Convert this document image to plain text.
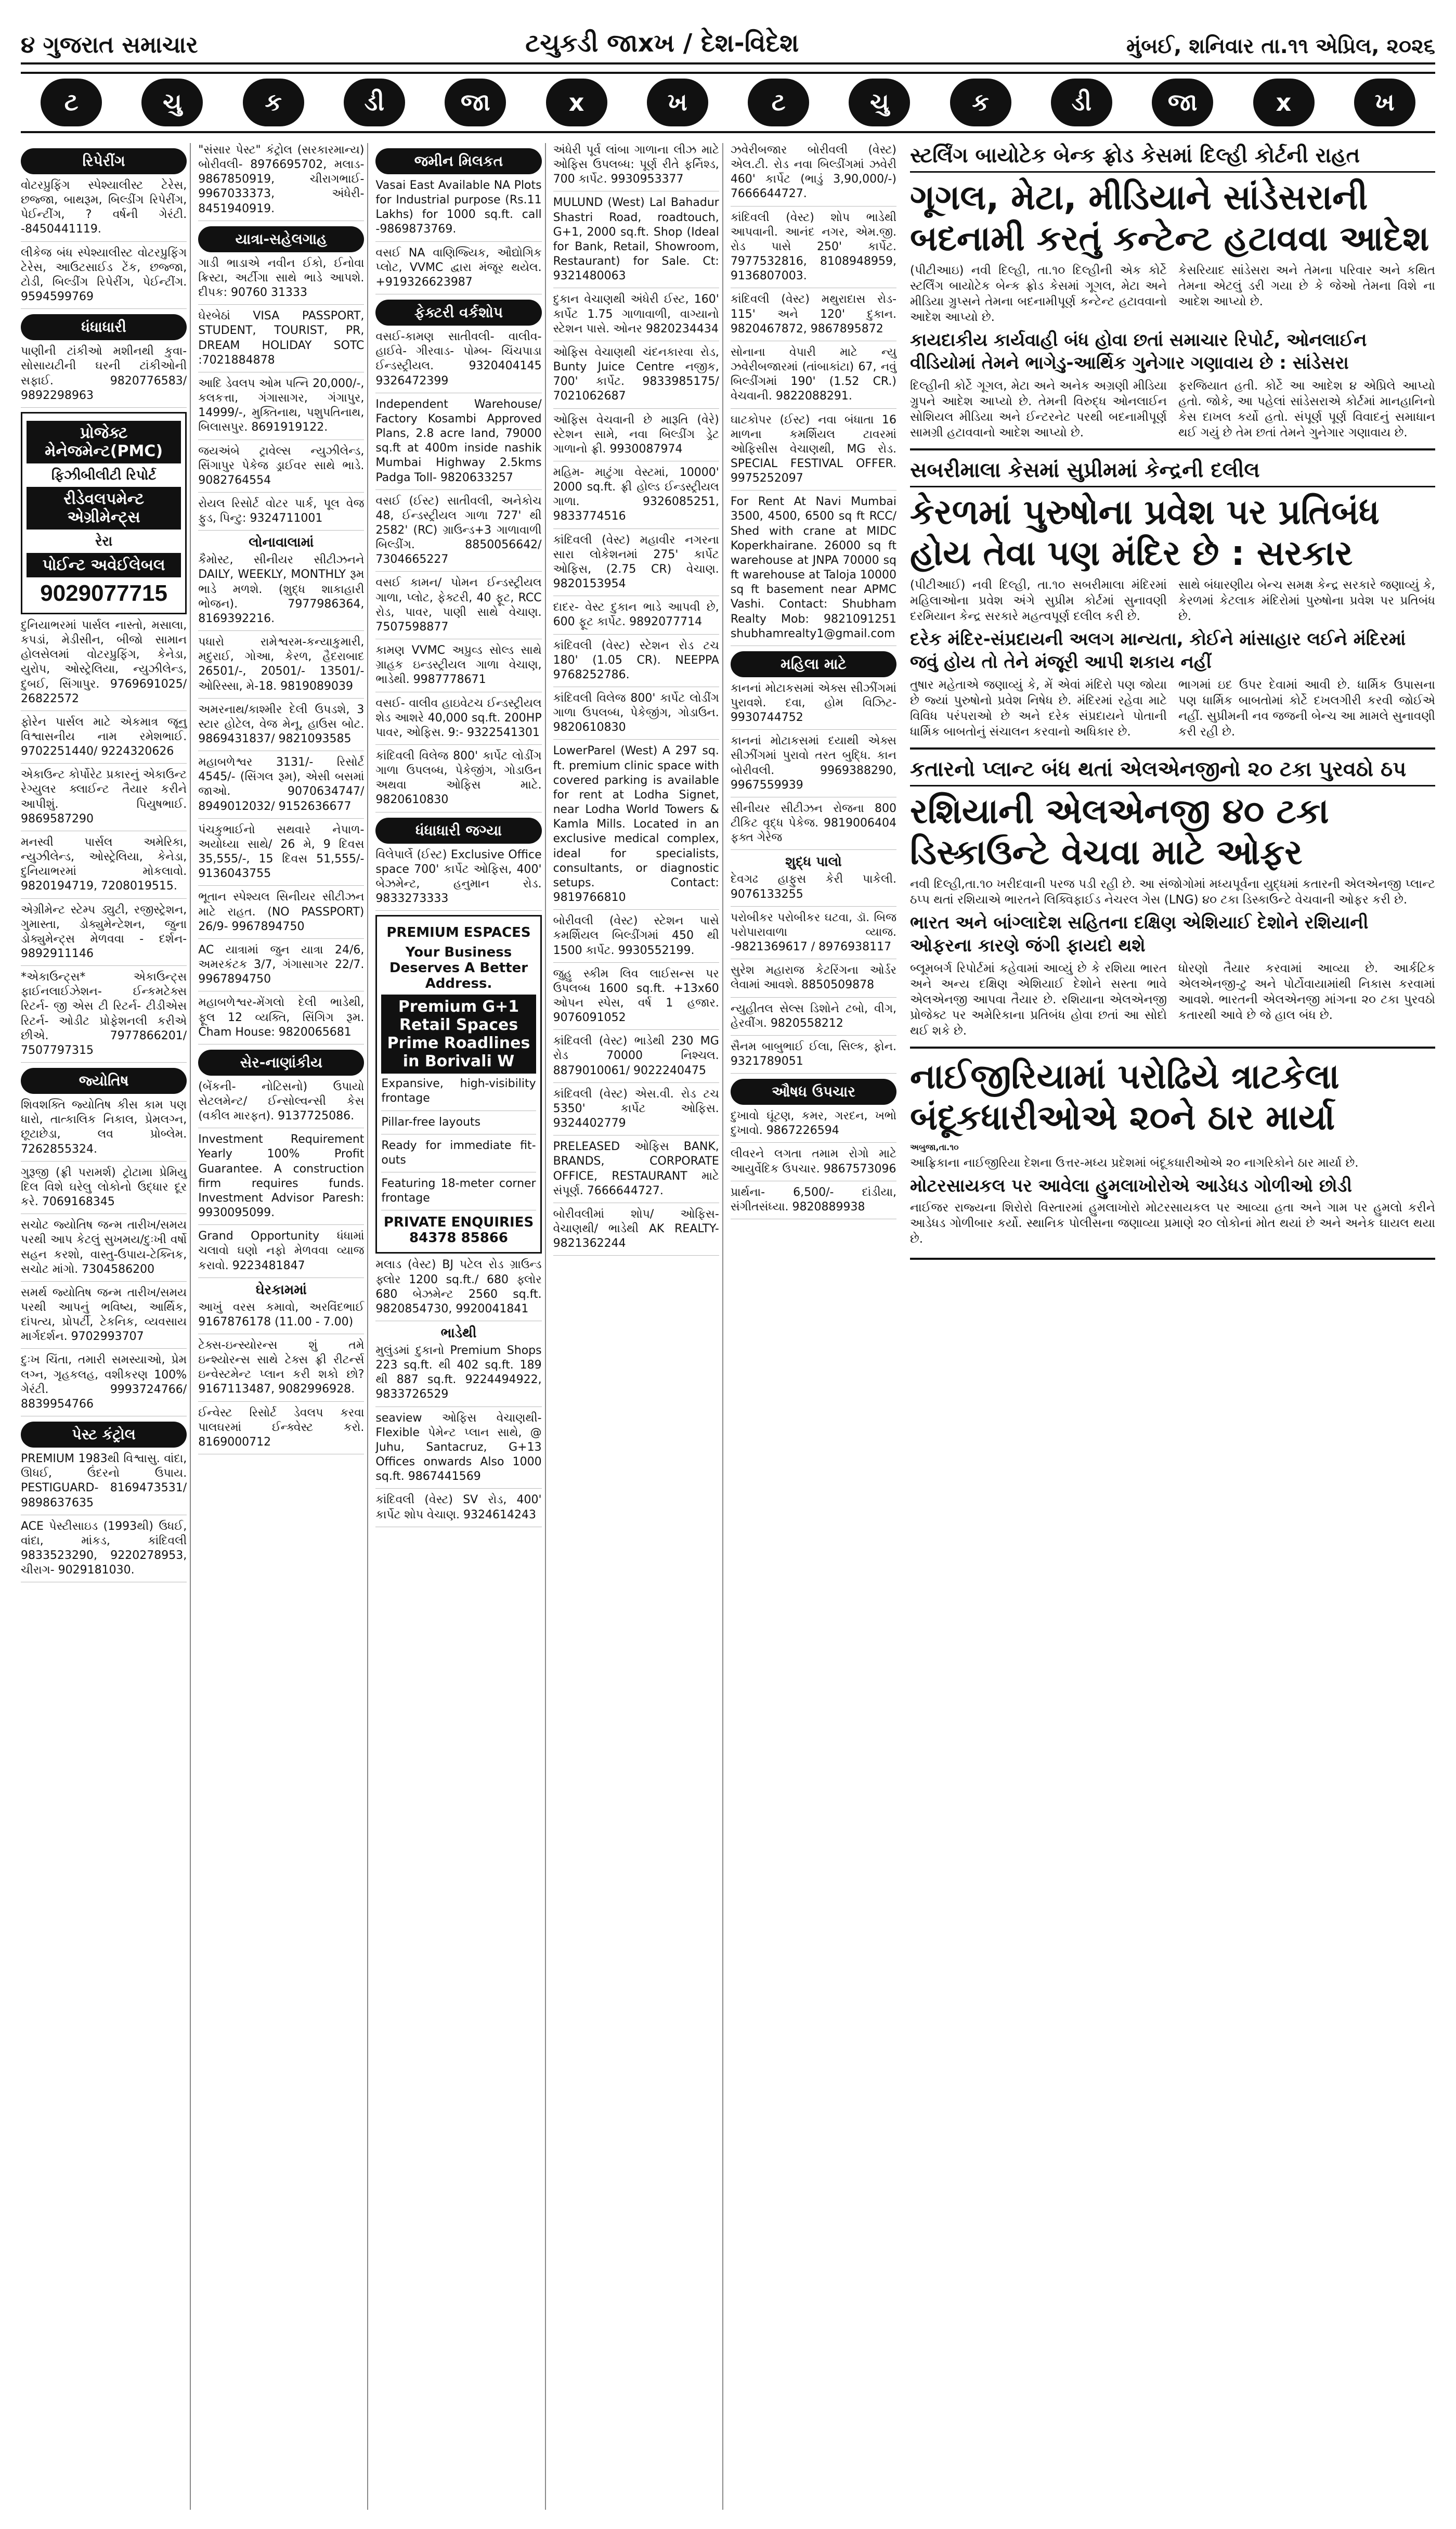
૪ ગુજરાત સમાચાર	ટચુકડી જાxખ / દેશ-વિદેશ	મુંબઈ, શનિવાર તા.૧૧ એપ્રિલ, ૨૦૨૬
ટ	ચુ	ક	ડી	જા	x	ખ	ટ	ચુ	ક	ડી	જા	x	ખ
રિપેરીંગ

વોટરપ્રુફિંગ સ્પેશ્યાલીસ્ટ ટેરેસ, છજ્જા, બાથરૂમ, બિલ્ડીંગ રિપેરીંગ, પેઈન્ટીંગ, ? વર્ષની ગેરંટી. -8450441119.

લીકેજ બંધ સ્પેશ્યાલીસ્ટ વોટરપ્રુફિંગ ટેરેસ, આઉટસાઈડ ટેંક, છજ્જા, ટોડી, બિલ્ડીંગ રિપેરીંગ, પેઈન્ટીંગ. 9594599769

ધંધાધારી

પાણીની ટાંકીઓ મશીનથી કુવા-સોસાયટીની ઘરની ટાંકીઓની સફાઈ. 9820776583/ 9892298963

પ્રોજેક્ટ મેનેજમેન્ટ(PMC)
ફિઝીબીલીટી રિપોર્ટ
રીડેવલપમેન્ટ એગ્રીમેન્ટ્સ
રેરા
પોઈન્ટ અવેઈલેબલ
9029077715

દુનિયાભરમાં પાર્સલ નાસ્તો, મસાલા, કપડાં, મેડીસીન, બીજો સામાન હોલસેલમાં વોટરપ્રુફિંગ, કેનેડા, યુરોપ, ઓસ્ટ્રેલિયા, ન્યુઝીલેન્ડ, દુબઈ, સિંગાપુર. 9769691025/ 26822572

ફોરેન પાર્સલ માટે એકમાત્ર જૂનુ વિશ્વાસનીય નામ રમેશભાઈ. 9702251440/ 9224320626

એકાઉન્ટ કોર્પોરેટ પ્રકારનું એકાઉન્ટ રેગ્યુલર ક્લાઈન્ટ તૈયાર કરીને આપીશું. પિયુષભાઈ. 9869587290

મનસ્વી પાર્સલ અમેરિકા, ન્યુઝીલેન્ડ, ઓસ્ટ્રેલિયા, કેનેડા, દુનિયાભરમાં મોકલાવો. 9820194719, 7208019515.

એગ્રીમેન્ટ સ્ટેમ્પ ડ્યુટી, રજીસ્ટ્રેશન, ગુમાસ્તા, ડોક્યુમેન્ટેશન, જુના ડોક્યુમેન્ટ્સ મેળવવા - દર્શન- 9892911146

*એકાઉન્ટ્સ* એકાઉન્ટ્સ ફાઈનલાઈઝેશન- ઈન્કમટેક્સ રિટર્ન- જી એસ ટી રિટર્ન- ટીડીએસ રિટર્ન- ઓડીટ પ્રોફેશનલી કરીએ છીએ. 7977866201/ 7507797315

જ્યોતિષ

શિવશક્તિ જ્યોતિષ કીસ કામ પણ ધારો, તાત્કાલિક નિકાલ, પ્રેમલગ્ન, છૂટાછેડા, લવ પ્રોબ્લેમ. 7262855324.

ગુરૂજી (ફ્રી પરામર્શ) ટ્રોટામા પ્રેમિયુ દિલ વિશે ઘરેલુ લોકોનો ઉદ્ધાર દૂર કરે. 7069168345

સચોટ જ્યોતિષ જન્મ તારીખ/સમય પરથી આપ કેટલું સુખમય/દુઃખી વર્ષો સહન કરશો, વાસ્તુ-ઉપાય-ટેક્નિક, સચોટ માંગો. 7304586200

સમર્થ જ્યોતિષ જન્મ તારીખ/સમય પરથી આપનું ભવિષ્ય, આર્થિક, દાંપત્ય, પ્રોપર્ટી, ટેકનિક, વ્યવસાય માર્ગદર્શન. 9702993707

દુઃખ ચિંતા, તમારી સમસ્યાઓ, પ્રેમ લગ્ન, ગૃહકલહ, વશીકરણ 100% ગેરંટી. 9993724766/ 8839954766

પેસ્ટ કંટ્રોલ

PREMIUM 1983થી વિશ્વાસુ. વાંદા, ઊધઈ, ઉંદરનો ઉપાય. PESTIGUARD- 8169473531/ 9898637635

ACE પેસ્ટીસાઇડ (1993થી) ઉધઈ, વાંદા, માંકડ, કાંદિવલી 9833523290, 9220278953, ચીરાગ- 9029181030.

"સંસાર પેસ્ટ" કંટ્રોલ (સરકારમાન્ય) બોરીવલી- 8976695702, મલાડ- 9867850919, ચીરાગભાઈ- 9967033373, અંધેરી- 8451940919.

યાત્રા-સહેલગાહ

ગાડી ભાડાએ નવીન ઈકો, ઈનોવા ક્રિસ્ટા, અર્ટીગા સાથે ભાડે આપશે. દીપક: 90760 31333

ઘેરબેઠાં VISA PASSPORT, STUDENT, TOURIST, PR, DREAM HOLIDAY SOTC :7021884878

આદિ ડેવલપ ઓમ પત્નિ 20,000/-, કલકત્તા, ગંગાસાગર, ગંગાપુર, 14999/-, મુક્તિનાથ, પશુપતિનાથ, બિલાસપુર. 8691919122.

જયઅંબે ટ્રાવેલ્સ ન્યુઝીલેન્ડ, સિંગાપુર પેકેજ ડ્રાઈવર સાથે ભાડે. 9082764554

રોયલ રિસોર્ટ વોટર પાર્ક, પૂલ વેજ ફુડ, પિન્ટુ: 9324711001

લોનાવાલામાં

કૈમોસ્ટ, સીનીયર સીટીઝનને DAILY, WEEKLY, MONTHLY રૂમ ભાડે મળશે. (શુદ્ધ શાકાહારી ભોજન). 7977986364, 8169392216.

પધારો રામેશ્વરમ-કન્યાકુમારી, મદુરાઈ, ગોઆ, કેરળ, હૈદરાબાદ 26501/-, 20501/- 13501/- ઓરિસ્સા, મે-18. 9819089039

અમરનાથ/કાશ્મીર દેલી ઉપડશે, 3 સ્ટાર હોટેલ, વેજ મેનૂ, હાઉસ બોટ. 9869431837/ 9821093585

મહાબળેશ્વર 3131/- રિસોર્ટ 4545/- (સિંગલ રૂમ), એસી બસમાં જાઓ. 9070634747/ 8949012032/ 9152636677

પંચકુભાઈનો સથવારે નેપાળ-અયોધ્યા સાથે/ 26 મે, 9 દિવસ 35,555/-, 15 દિવસ 51,555/- 9136043755

ભૂતાન સ્પેશ્યલ સિનીયર સીટીઝન માટે રાહત. (NO PASSPORT) 26/9- 9967894750

AC યાત્રામાં જુન યાત્રા 24/6, અમરકંટક 3/7, ગંગાસાગર 22/7. 9967894750

મહાબળેશ્વર-મેંગલો દેલી ભાડેથી, ફૂલ 12 વ્યક્તિ, સિંગિગ રૂમ. Cham House: 9820065681

સેર-નાણાંકીય

(બેંકની- નોટિસનો) ઉપાયો સેટલમેન્ટ/ ઈન્સોલ્વન્સી કેસ (વકીલ મારફત). 9137725086.

Investment Requirement Yearly 100% Profit Guarantee. A construction firm requires funds. Investment Advisor Paresh: 9930095099.

Grand Opportunity ધંધામાં ચલાવો ઘણો નફો મેળવવા વ્યાજ કરાવો. 9223481847

ઘેરકામમાં

આખું વરસ કમાવો, અરવિંદભાઈ 9167876178 (11.00 - 7.00)

ટેક્સ-ઇન્સ્યોરન્સ શું તમે ઇન્શ્યોરન્સ સાથે ટેક્સ ફ્રી રીટર્ન્સ ઇન્વેસ્ટમેન્ટ પ્લાન કરી શકો છો? 9167113487, 9082996928.

ઈન્વેસ્ટ રિસોર્ટ ડેવલપ કરવા પાલઘરમાં ઈન્ક્વેસ્ટ કરો. 8169000712

જમીન મિલકત

Vasai East Available NA Plots for Industrial purpose (Rs.11 Lakhs) for 1000 sq.ft. call -9869873769.

વસઈ NA વાણિજ્યિક, ઔદ્યોગિક પ્લોટ, VVMC દ્વારા મંજૂર થયેલ. +919326623987

ફેક્ટરી વર્કશોપ

વસઈ-કામણ સાતીવલી- વાલીવ- હાઈવે- ગીરવાડ- પોમ્બ- ચિંચપાડા ઈન્ડસ્ટ્રીયલ. 9320404145 9326472399

Independent Warehouse/ Factory Kosambi Approved Plans, 2.8 acre land, 79000 sq.ft at 400m inside nashik Mumbai Highway 2.5kms Padga Toll- 9820633257

વસઈ (ઈસ્ટ) સાતીવલી, અનેકોચ 48, ઈન્ડસ્ટ્રીયલ ગાળા 727' થી 2582' (RC) ગ્રાઉન્ડ+3 ગાળાવાળી બિલ્ડીંગ. 8850056642/ 7304665227

વસઈ કામન/ પોમન ઈન્ડસ્ટ્રીયલ ગાળા, પ્લોટ, ફેક્ટરી, 40 ફૂટ, RCC રોડ, પાવર, પાણી સાથે વેચાણ. 7507598877

કામણ VVMC અપ્રુવ્ડ સોલ્ડ સાથે ગ્રાહક ઇન્ડસ્ટ્રીયલ ગાળા વેચાણ, ભાડેથી. 9987778671

વસઈ- વાલીવ હાઇવેટચ ઈન્ડસ્ટ્રીયલ શેડ આશરે 40,000 sq.ft. 200HP પાવર, ઓફિસ. 9:- 9322541301

કાંદિવલી વિલેજ 800' કાર્પેટ લોડીંગ ગાળા ઉપલબ્ધ, પેકેજીંગ, ગોડાઉન અથવા ઓફિસ માટે. 9820610830

ધંધાધારી જગ્યા

વિલેપાર્લે (ઈસ્ટ) Exclusive Office space 700' કાર્પેટ ઓફિસ, 400' બેઝમેન્ટ, હનુમાન રોડ. 9833273333

PREMIUM ESPACES
Your Business Deserves A Better Address.
Premium G+1 Retail Spaces Prime Roadlines in Borivali W
Expansive, high-visibility frontage
Pillar-free layouts
Ready for immediate fit-outs
Featuring 18-meter corner frontage
PRIVATE ENQUIRIES 84378 85866

મલાડ (વેસ્ટ) BJ પટેલ રોડ ગ્રાઉન્ડ ફ્લોર 1200 sq.ft./ 680 ફ્લોર 680 બેઝમેન્ટ 2560 sq.ft. 9820854730, 9920041841

ભાડેથી

મુલુંડમાં દુકાનો Premium Shops 223 sq.ft. થી 402 sq.ft. 189 થી 887 sq.ft. 9224494922, 9833726529

seaview ઓફિસ વેચાણથી- Flexible પેમેન્ટ પ્લાન સાથે, @ Juhu, Santacruz, G+13 Offices onwards Also 1000 sq.ft. 9867441569

કાંદિવલી (વેસ્ટ) SV રોડ, 400' કાર્પેટ શોપ વેચાણ. 9324614243

અંધેરી પૂર્વ લાંબા ગાળાના લીઝ માટે ઓફિસ ઉપલબ્ધ: પૂર્ણ રીતે ફર્નિશ્ડ, 700 કાર્પેટ. 9930953377

MULUND (West) Lal Bahadur Shastri Road, roadtouch, G+1, 2000 sq.ft. Shop (Ideal for Bank, Retail, Showroom, Restaurant) for Sale. Ct: 9321480063

દુકાન વેચાણથી અંધેરી ઈસ્ટ, 160' કાર્પેટ 1.75 ગાળાવાળી, વાગ્યાનો સ્ટેશન પાસે. ઓનર 9820234434

ઓફિસ વેચાણથી ચંદનકારવા રોડ, Bunty Juice Centre નજીક, 700' કાર્પેટ. 9833985175/ 7021062687

ઓફિસ વેચવાની છે મારૂતિ (વેરે) સ્ટેશન સામે, નવા બિલ્ડીંગ ડ્રેટ ગાળાનો ફ્રી. 9930087974

મહિમ- માટુંગા વેસ્ટમાં, 10000' 2000 sq.ft. ફ્રી હોલ્ડ ઈન્ડસ્ટ્રીયલ ગાળા. 9326085251, 9833774516

કાંદિવલી (વેસ્ટ) મહાવીર નગરના સારા લોકેશનમાં 275' કાર્પેટ ઓફિસ, (2.75 CR) વેચાણ. 9820153954

દાદર- વેસ્ટ દુકાન ભાડે આપવી છે, 600 ફૂટ કાર્પેટ. 9892077714

કાંદિવલી (વેસ્ટ) સ્ટેશન રોડ ટચ 180' (1.05 CR). NEEPPA 9768252786.

કાંદિવલી વિલેજ 800' કાર્પેટ લોડીંગ ગાળા ઉપલબ્ધ, પેકેજીંગ, ગોડાઉન. 9820610830

LowerParel (West) A 297 sq. ft. premium clinic space with covered parking is available for rent at Lodha Signet, near Lodha World Towers & Kamla Mills. Located in an exclusive medical complex, ideal for specialists, consultants, or diagnostic setups. Contact: 9819766810

બોરીવલી (વેસ્ટ) સ્ટેશન પાસે કમર્શિયલ બિલ્ડીંગમાં 450 થી 1500 કાર્પેટ. 9930552199.

જુહુ સ્કીમ લિવ લાઈસન્સ પર ઉપલબ્ધ 1600 sq.ft. +13x60 ઓપન સ્પેસ, વર્ષ 1 હજાર. 9076091052

કાંદિવલી (વેસ્ટ) ભાડેથી 230 MG રોડ 70000 નિશ્ચલ. 8879010061/ 9022240475

કાંદિવલી (વેસ્ટ) એસ.વી. રોડ ટચ 5350' કાર્પેટ ઓફિસ. 9324402779

PRELEASED ઓફિસ BANK, BRANDS, CORPORATE OFFICE, RESTAURANT માટે સંપૂર્ણ. 7666644727.

બોરીવલીમાં શોપ/ ઓફિસ- વેચાણથી/ ભાડેથી AK REALTY- 9821362244

ઝવેરીબજાર બોરીવલી (વેસ્ટ) એલ.ટી. રોડ નવા બિલ્ડીંગમાં ઝવેરી 460' કાર્પેટ (ભાડું 3,90,000/-) 7666644727.

કાંદિવલી (વેસ્ટ) શોપ ભાડેથી આપવાની. આનંદ નગર, એમ.જી. રોડ પાસે 250' કાર્પેટ. 7977532816, 8108948959, 9136807003.

કાંદિવલી (વેસ્ટ) મથુરાદાસ રોડ- 115' અને 120' દુકાન. 9820467872, 9867895872

સોનાના વેપારી માટે ન્યુ ઝવેરીબજારમાં (તાંબાકાંટા) 67, નવું બિલ્ડીંગમાં 190' (1.52 CR.) વેચવાની. 9822088291.

ઘાટકોપર (ઈસ્ટ) નવા બંધાતા 16 માળના કમર્શિયલ ટાવરમાં ઓફિસીસ વેચાણથી, MG રોડ. SPECIAL FESTIVAL OFFER. 9975252097

For Rent At Navi Mumbai 3500, 4500, 6500 sq ft RCC/ Shed with crane at MIDC Koperkhairane. 26000 sq ft warehouse at JNPA 70000 sq ft warehouse at Taloja 10000 sq ft basement near APMC Vashi. Contact: Shubham Realty Mob: 9821091251 shubhamrealty1@gmail.com

મહિલા માટે

કાનનાં મોટાકસમાં એક્સ સીઝીંગમાં પુરાવશે. દવા, હોમ વિઝિટ- 9930744752

કાનનાં મોટાકસમાં દયાથી એક્સ સીઝીંગમાં પુરાવો તરત બુદ્ધિ. કાન બોરીવલી. 9969388290, 9967559939

સીનીયર સીટીઝન રોજના 800 ટીકિટ વૃદ્ધ પેકેજ. 9819006404 ફક્ત ગેરેજ

શુદ્ધ પાલો

દેવગઢ હાફુસ કેરી પાકેલી. 9076133255

પરોબીકર પરોબીકર ઘટવા, ડૉ. બિજ પરોપારાવાળા વ્યાજ. -9821369617 / 8976938117

સુરેશ મહારાજ કેટરિંગના ઓર્ડર લેવામાં આવશે. 8850509878

ન્યુહીતલ સેલ્સ ડિશોને ટબો, વીગ, હેરવીંગ. 9820558212

સૈનમ બાબુભાઈ ઈલા, સિલ્ક, ફોન. 9321789051

ઔષધ ઉપચાર

દુખાવો ઘૂંટણ, કમર, ગરદન, ખભો દુખાવો. 9867226594

લીવરને લગતા તમામ રોગો માટે આયુર્વેદિક ઉપચાર. 9867573096

પ્રાર્થના- 6,500/- દાંડીયા, સંગીતસંધ્યા. 9820889938

સ્ટર્લિંગ બાયોટેક બેન્ક ફ્રોડ કેસમાં દિલ્હી કોર્ટની રાહત
ગૂગલ, મેટા, મીડિયાને સાંડેસરાની બદનામી કરતું કન્ટેન્ટ હટાવવા આદેશ

(પીટીઆઇ) નવી દિલ્હી, તા.૧૦ દિલ્હીની એક કોર્ટે સ્ટર્લિંગ બાયોટેક બેન્ક ફ્રોડ કેસમાં ગૂગલ, મેટા અને મીડિયા ગ્રુપ્સને તેમના બદનામીપૂર્ણ કન્ટેન્ટ હટાવવાનો આદેશ આપ્યો છે.

કેસરિયાદ સાંડેસરા અને તેમના પરિવાર અને કથિત તેમના એટલું ડરી ગયા છે કે જેઓ તેમના વિશે ના આદેશ આપ્યો છે.

કાયદાકીય કાર્યવાહી બંધ હોવા છતાં સમાચાર રિપોર્ટ, ઓનલાઈન વીડિયોમાં તેમને ભાગેડુ-આર્થિક ગુનેગાર ગણાવાય છે : સાંડેસરા

દિલ્હીની કોર્ટે ગૂગલ, મેટા અને અનેક અગ્રણી મીડિયા ગ્રુપને આદેશ આપ્યો છે. તેમની વિરુદ્ધ ઓનલાઈન સોશિયલ મીડિયા અને ઈન્ટરનેટ પરથી બદનામીપૂર્ણ સામગ્રી હટાવવાનો આદેશ આપ્યો છે.

ફરજિયાત હતી. કોર્ટે આ આદેશ ૪ એપ્રિલે આપ્યો હતો. જોકે, આ પહેલાં સાંડેસરાએ કોર્ટમાં માનહાનિનો કેસ દાખલ કર્યો હતો. સંપૂર્ણ પૂર્ણ વિવાદનું સમાધાન થઈ ગયું છે તેમ છતાં તેમને ગુનેગાર ગણાવાય છે.

સબરીમાલા કેસમાં સુપ્રીમમાં કેન્દ્રની દલીલ
કેરળમાં પુરુષોના પ્રવેશ પર પ્રતિબંધ હોય તેવા પણ મંદિર છે : સરકાર

(પીટીઆઈ) નવી દિલ્હી, તા.૧૦ સબરીમાલા મંદિરમાં મહિલાઓના પ્રવેશ અંગે સુપ્રીમ કોર્ટમાં સુનાવણી દરમિયાન કેન્દ્ર સરકારે મહત્વપૂર્ણ દલીલ કરી છે.

સાથે બંધારણીય બેન્ચ સમક્ષ કેન્દ્ર સરકારે જણાવ્યું કે, કેરળમાં કેટલાક મંદિરોમાં પુરુષોના પ્રવેશ પર પ્રતિબંધ છે.

દરેક મંદિર-સંપ્રદાયની અલગ માન્યતા, કોઈને માંસાહાર લઈને મંદિરમાં જવું હોય તો તેને મંજૂરી આપી શકાય નહીં

તુષાર મહેતાએ જણાવ્યું કે, મેં એવાં મંદિરો પણ જોયા છે જ્યાં પુરુષોનો પ્રવેશ નિષેધ છે. મંદિરમાં રહેવા માટે વિવિધ પરંપરાઓ છે અને દરેક સંપ્રદાયને પોતાની ધાર્મિક બાબતોનું સંચાલન કરવાનો અધિકાર છે.

ભાગમાં ઇદ ઉપર દેવામાં આવી છે. ધાર્મિક ઉપાસના પણ ધાર્મિક બાબતોમાં કોર્ટે દખલગીરી કરવી જોઈએ નહીં. સુપ્રીમની નવ જજની બેન્ચ આ મામલે સુનાવણી કરી રહી છે.

કતારનો પ્લાન્ટ બંધ થતાં એલએનજીનો ૨૦ ટકા પુરવઠો ઠપ
રશિયાની એલએનજી ૪૦ ટકા ડિસ્કાઉન્ટે વેચવા માટે ઓફર

નવી દિલ્હી,તા.૧૦ ખરીદવાની પરજ પડી રહી છે. આ સંજોગોમાં મધ્યપૂર્વના યુદ્ધમાં કતારની એલએનજી પ્લાન્ટ ઠપ્પ થતાં રશિયાએ ભારતને લિક્વિફાઈડ નેચરલ ગેસ (LNG) ૪૦ ટકા ડિસ્કાઉન્ટે વેચવાની ઓફર કરી છે.

ભારત અને બાંગ્લાદેશ સહિતના દક્ષિણ એશિયાઈ દેશોને રશિયાની ઓફરના કારણે જંગી ફાયદો થશે

બ્લૂમબર્ગ રિપોર્ટમાં કહેવામાં આવ્યું છે કે રશિયા ભારત અને અન્ય દક્ષિણ એશિયાઈ દેશોને સસ્તા ભાવે એલએનજી આપવા તૈયાર છે. રશિયાના એલએનજી પ્રોજેક્ટ પર અમેરિકાના પ્રતિબંધ હોવા છતાં આ સોદો થઈ શકે છે.

ધોરણો તૈયાર કરવામાં આવ્યા છે. આર્કટિક એલએનજી-ટુ અને પોર્ટોવાયામાંથી નિકાસ કરવામાં આવશે. ભારતની એલએનજી માંગના ૨૦ ટકા પુરવઠો કતારથી આવે છે જે હાલ બંધ છે.

નાઈજીરિયામાં પરોઢિયે ત્રાટકેલા બંદૂકધારીઓએ ૨૦ને ઠાર માર્યા
અબુજા,તા.૧૦

આફ્રિકાના નાઈજીરિયા દેશના ઉત્તર-મધ્ય પ્રદેશમાં બંદૂકધારીઓએ ૨૦ નાગરિકોને ઠાર માર્યા છે.

મોટરસાયકલ પર આવેલા હુમલાખોરોએ આડેધડ ગોળીઓ છોડી

નાઈજર રાજ્યના શિરોરો વિસ્તારમાં હુમલાખોરો મોટરસાયકલ પર આવ્યા હતા અને ગામ પર હુમલો કરીને આડેધડ ગોળીબાર કર્યો. સ્થાનિક પોલીસના જણાવ્યા પ્રમાણે ૨૦ લોકોનાં મોત થયાં છે અને અનેક ઘાયલ થયા છે.
